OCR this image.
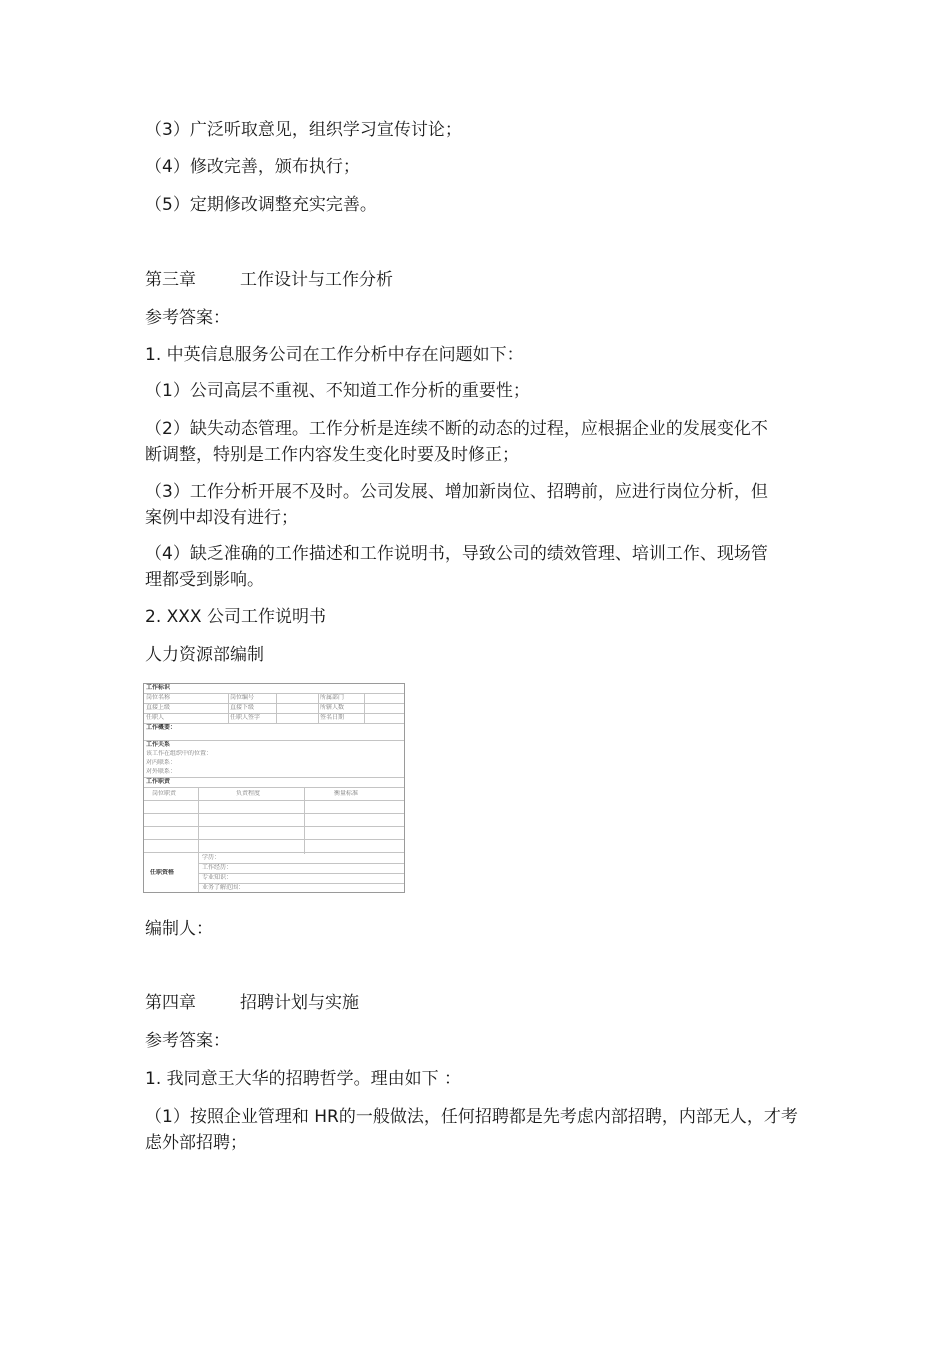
（3）广泛听取意见，组织学习宣传讨论；
（4）修改完善，颁布执行；
（5）定期修改调整充实完善。
第三章	工作设计与工作分析
参考答案：
1. 中英信息服务公司在工作分析中存在问题如下：
（1）公司高层不重视、不知道工作分析的重要性；
（2）缺失动态管理。工作分析是连续不断的动态的过程，应根据企业的发展变化不断调整，特别是工作内容发生变化时要及时修正；
（3）工作分析开展不及时。公司发展、增加新岗位、招聘前，应进行岗位分析，但案例中却没有进行；
（4）缺乏准确的工作描述和工作说明书，导致公司的绩效管理、培训工作、现场管理都受到影响。
2. XXX 公司工作说明书
人力资源部编制
工作标识
岗位名称	岗位编号	所属部门
直接上级	直接下级	所辖人数
任职人	任职人签字	签名日期
工作概要：
工作关系
该工作在组织中的位置：
对内联系：
对外联系：
工作职责
岗位职责	负责程度	衡量标准
任职资格
学历：
工作经历：
专业知识：
业务了解范围：
编制人：
第四章	招聘计划与实施
参考答案：
1. 我同意王大华的招聘哲学。理由如下 ：
（1）按照企业管理和 HR的一般做法，任何招聘都是先考虑内部招聘，内部无人，才考虑外部招聘；
